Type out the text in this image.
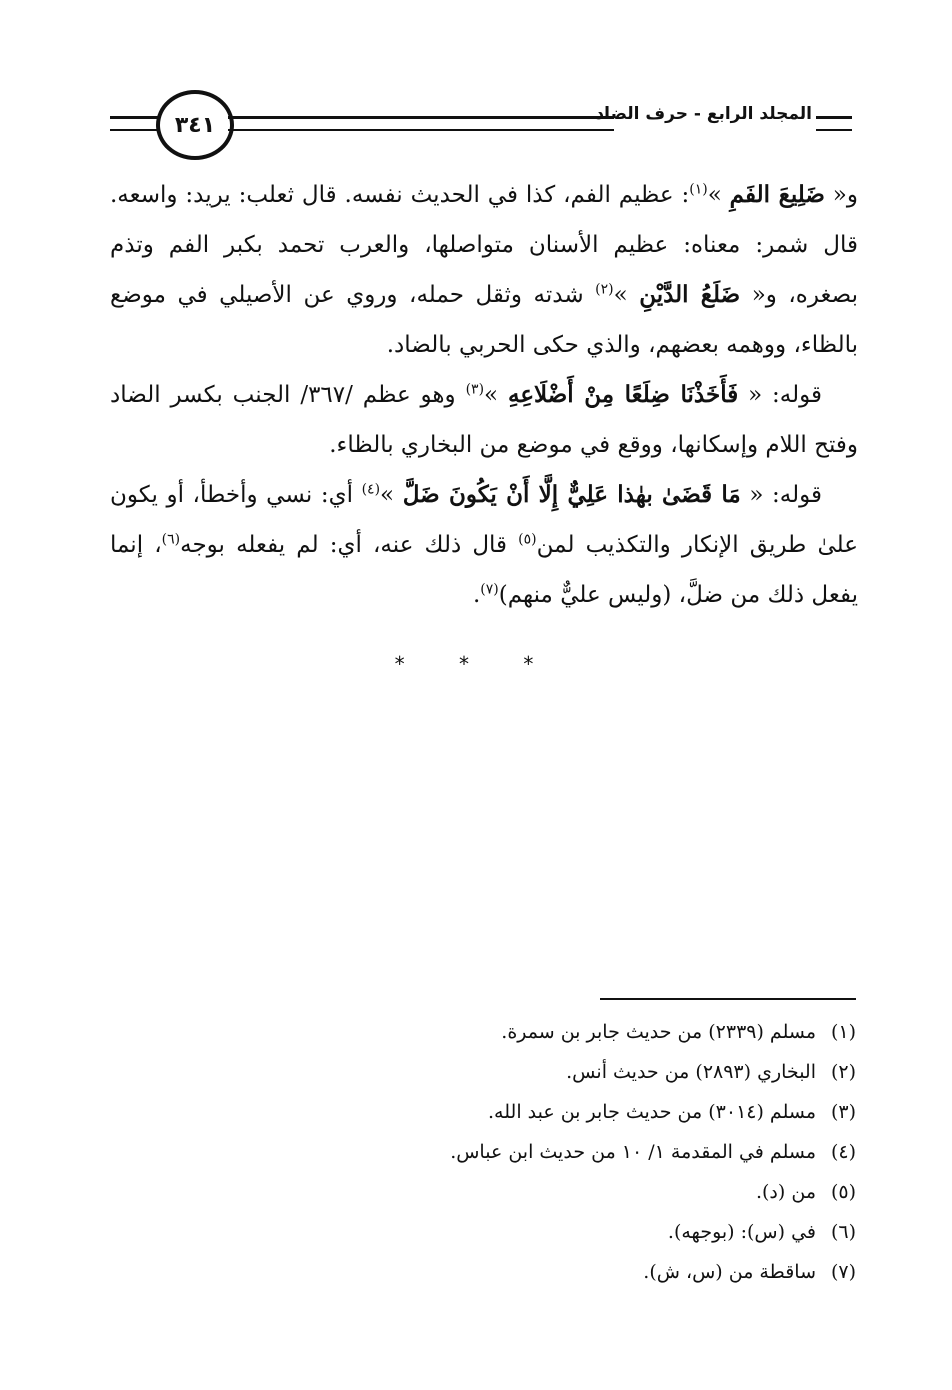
٣٤١	المجلد الرابع - حرف الضاد

و« ضَلِيعَ الفَمِ »$^{(١)}$: عظيم الفم، كذا في الحديث نفسه. قال ثعلب: يريد: واسعه. قال شمر: معناه: عظيم الأسنان متواصلها، والعرب تحمد بكبر الفم وتذم بصغره، و« ضَلَعُ الدَّيْنِ »$^{(٢)}$ شدته وثقل حمله، وروي عن الأصيلي في موضع بالظاء، ووهمه بعضهم، والذي حكى الحربي بالضاد.

قوله: « فَأَخَذْنَا ضِلَعًا مِنْ أَضْلَاعِهِ »$^{(٣)}$ وهو عظم /٣٦٧/ الجنب بكسر الضاد وفتح اللام وإسكانها، ووقع في موضع من البخاري بالظاء.

قوله: « مَا قَضَىٰ بهٰذا عَلِيٌّ إِلَّا أَنْ يَكُونَ ضَلَّ »$^{(٤)}$ أي: نسي وأخطأ، أو يكون علىٰ طريق الإنكار والتكذيب لمن$^{(٥)}$ قال ذلك عنه، أي: لم يفعله بوجه$^{(٦)}$، إنما يفعل ذلك من ضلَّ، (وليس عليٌّ منهم)$^{(٧)}$.

* * *
(١)مسلم (٢٣٣٩) من حديث جابر بن سمرة.
(٢)البخاري (٢٨٩٣) من حديث أنس.
(٣)مسلم (٣٠١٤) من حديث جابر بن عبد الله.
(٤)مسلم في المقدمة ١/ ١٠ من حديث ابن عباس.
(٥)من (د).
(٦)في (س): (بوجهه).
(٧)ساقطة من (س، ش).
